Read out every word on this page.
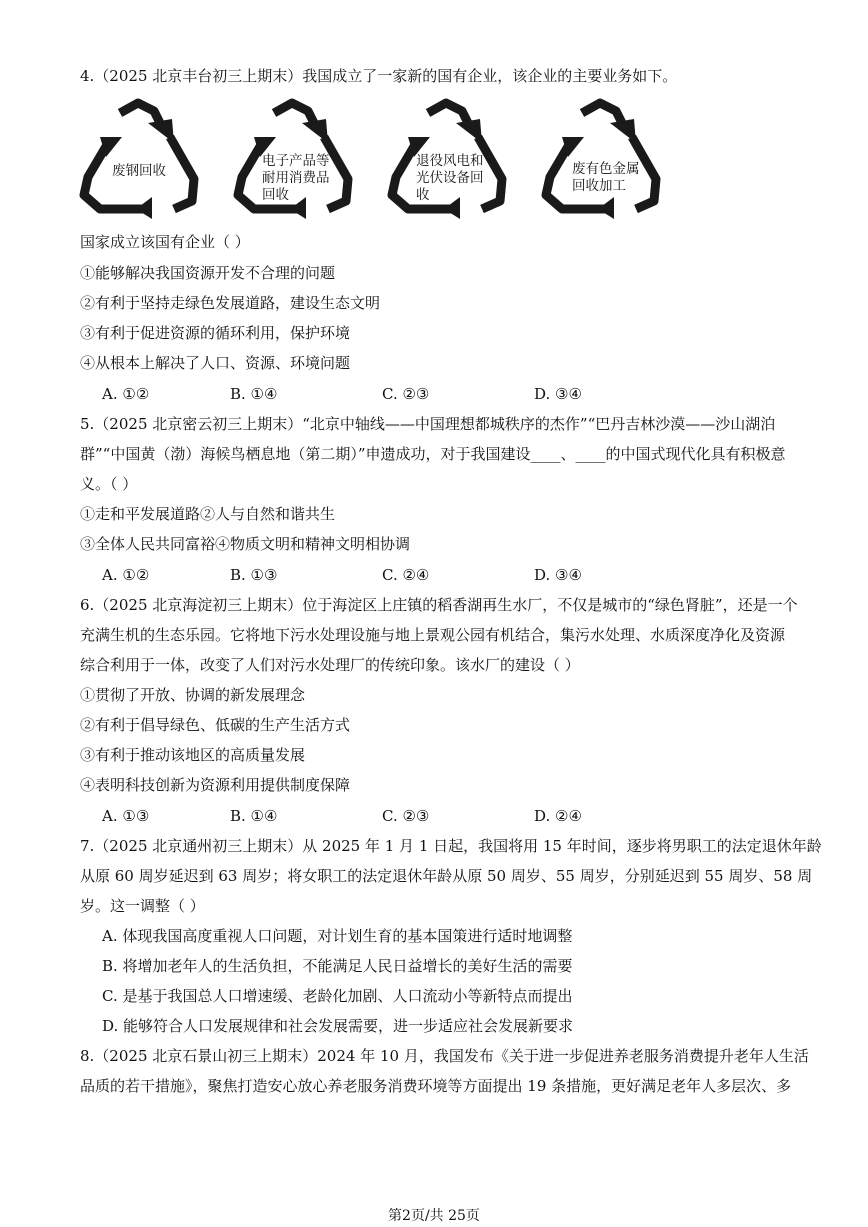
4.（2025 北京丰台初三上期末）我国成立了一家新的国有企业，该企业的主要业务如下。
废钢回收
电子产品等
耐用消费品
回收
退役风电和
光伏设备回
收
废有色金属
回收加工
国家成立该国有企业（ ）
①能够解决我国资源开发不合理的问题
②有利于坚持走绿色发展道路，建设生态文明
③有利于促进资源的循环利用，保护环境
④从根本上解决了人口、资源、环境问题
A. ①②	B. ①④	C. ②③	D. ③④
5.（2025 北京密云初三上期末）“北京中轴线——中国理想都城秩序的杰作”“巴丹吉林沙漠——沙山湖泊
群”“中国黄（渤）海候鸟栖息地（第二期）”申遗成功，对于我国建设____、____的中国式现代化具有积极意
义。（ ）
①走和平发展道路②人与自然和谐共生
③全体人民共同富裕④物质文明和精神文明相协调
A. ①②	B. ①③	C. ②④	D. ③④
6.（2025 北京海淀初三上期末）位于海淀区上庄镇的稻香湖再生水厂，不仅是城市的“绿色肾脏”，还是一个
充满生机的生态乐园。它将地下污水处理设施与地上景观公园有机结合，集污水处理、水质深度净化及资源
综合利用于一体，改变了人们对污水处理厂的传统印象。该水厂的建设（ ）
①贯彻了开放、协调的新发展理念
②有利于倡导绿色、低碳的生产生活方式
③有利于推动该地区的高质量发展
④表明科技创新为资源利用提供制度保障
A. ①③	B. ①④	C. ②③	D. ②④
7.（2025 北京通州初三上期末）从 2025 年 1 月 1 日起，我国将用 15 年时间，逐步将男职工的法定退休年龄
从原 60 周岁延迟到 63 周岁；将女职工的法定退休年龄从原 50 周岁、55 周岁，分别延迟到 55 周岁、58 周
岁。这一调整（ ）
A. 体现我国高度重视人口问题，对计划生育的基本国策进行适时地调整
B. 将增加老年人的生活负担，不能满足人民日益增长的美好生活的需要
C. 是基于我国总人口增速缓、老龄化加剧、人口流动小等新特点而提出
D. 能够符合人口发展规律和社会发展需要，进一步适应社会发展新要求
8.（2025 北京石景山初三上期末）2024 年 10 月，我国发布《关于进一步促进养老服务消费提升老年人生活
品质的若干措施》，聚焦打造安心放心养老服务消费环境等方面提出 19 条措施，更好满足老年人多层次、多
第2页/共 25页
